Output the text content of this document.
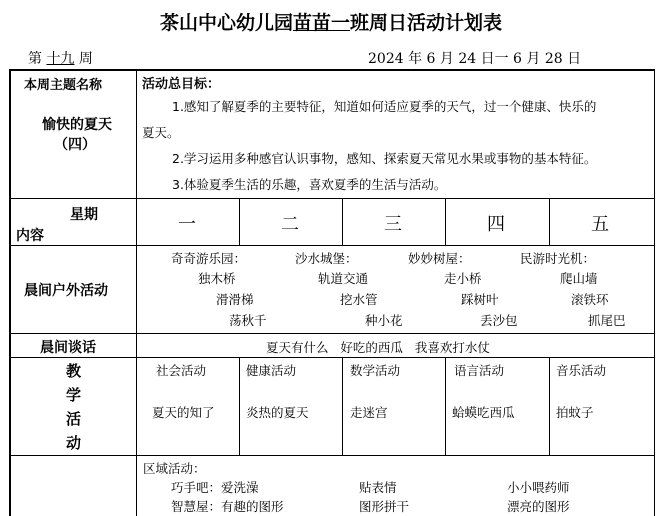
茶山中心幼儿园苗苗一班周日活动计划表
第 十九 周	2024 年 6 月 24 日一 6 月 28 日
本周主题名称
愉快的夏天
（四）
活动总目标：
1.感知了解夏季的主要特征，知道如何适应夏季的天气，过一个健康、快乐的
夏天。
2.学习运用多种感官认识事物，感知、探索夏天常见水果或事物的基本特征。
3.体验夏季生活的乐趣，喜欢夏季的生活与活动。
星期
内容
一	二	三	四	五
晨间户外活动
奇奇游乐园：	沙水城堡：	妙妙树屋：	民游时光机：
独木桥	轨道交通	走小桥	爬山墙
滑滑梯	挖水管	踩树叶	滚铁环
荡秋千	种小花	丢沙包	抓尾巴
晨间谈话	夏天有什么   好吃的西瓜   我喜欢打水仗
教
学
活
动
社会活动	健康活动	数学活动	语言活动	音乐活动
夏天的知了	炎热的夏天	走迷宫	蛤蟆吃西瓜	拍蚊子
区域活动：
巧手吧：爱洗澡	贴表情	小小喂药师
智慧屋：有趣的图形	图形拼干	漂亮的图形
